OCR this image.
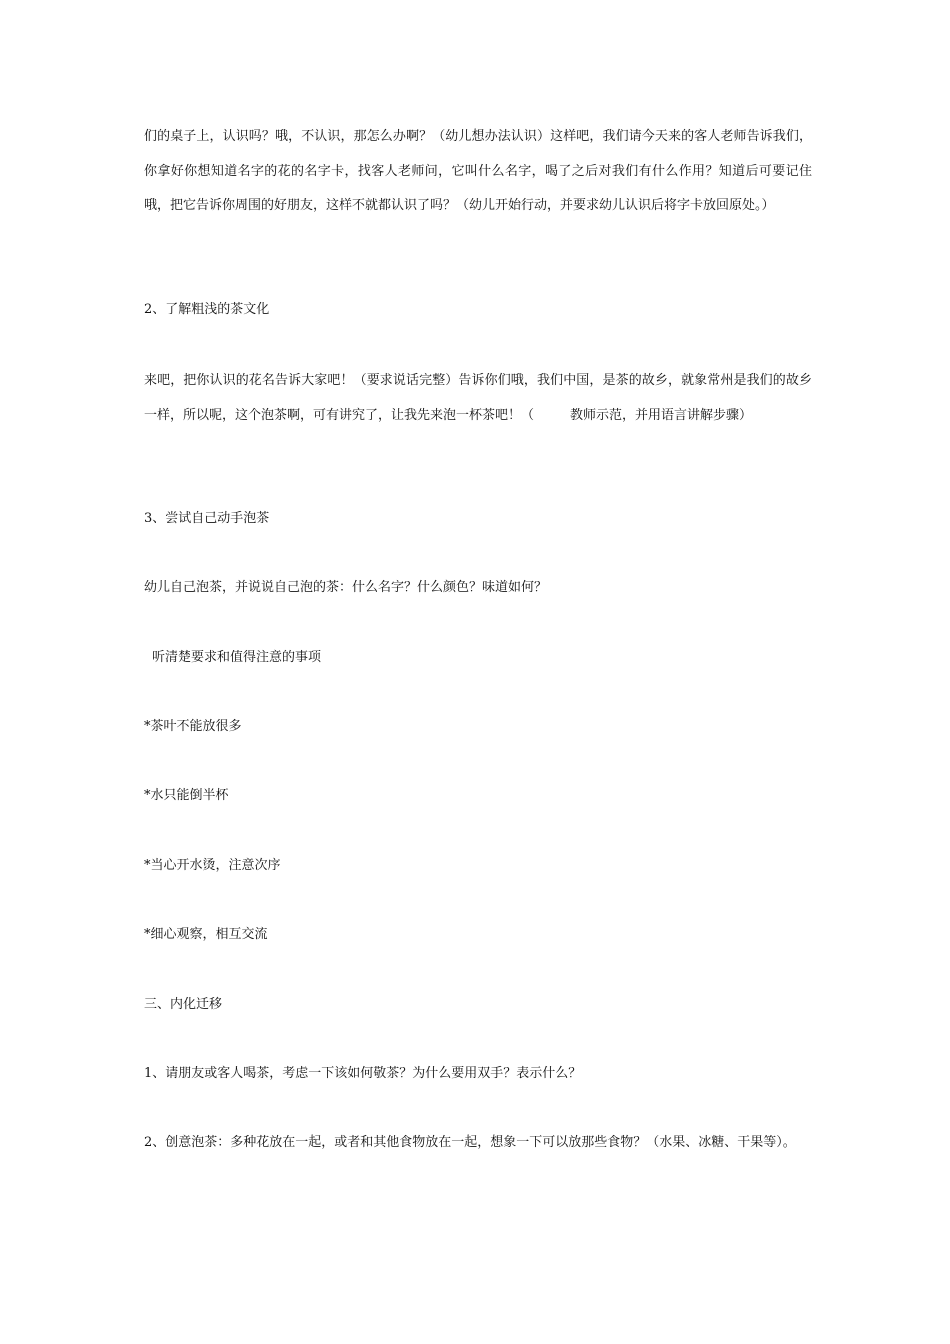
们的桌子上，认识吗？哦，不认识，那怎么办啊？（幼儿想办法认识）这样吧，我们请今天来的客人老师告诉我们，你拿好你想知道名字的花的名字卡，找客人老师问，它叫什么名字，喝了之后对我们有什么作用？知道后可要记住哦，把它告诉你周围的好朋友，这样不就都认识了吗？（幼儿开始行动，并要求幼儿认识后将字卡放回原处。）

2、了解粗浅的茶文化

来吧，把你认识的花名告诉大家吧！（要求说话完整）告诉你们哦，我们中国，是茶的故乡，就象常州是我们的故乡一样，所以呢，这个泡茶啊，可有讲究了，让我先来泡一杯茶吧！（	教师示范，并用语言讲解步骤）

3、尝试自己动手泡茶

幼儿自己泡茶，并说说自己泡的茶：什么名字？什么颜色？味道如何？

听清楚要求和值得注意的事项

*茶叶不能放很多

*水只能倒半杯

*当心开水烫，注意次序

*细心观察，相互交流

三、内化迁移

1、请朋友或客人喝茶，考虑一下该如何敬茶？为什么要用双手？表示什么？

2、创意泡茶：多种花放在一起，或者和其他食物放在一起，想象一下可以放那些食物？（水果、冰糖、干果等）。
